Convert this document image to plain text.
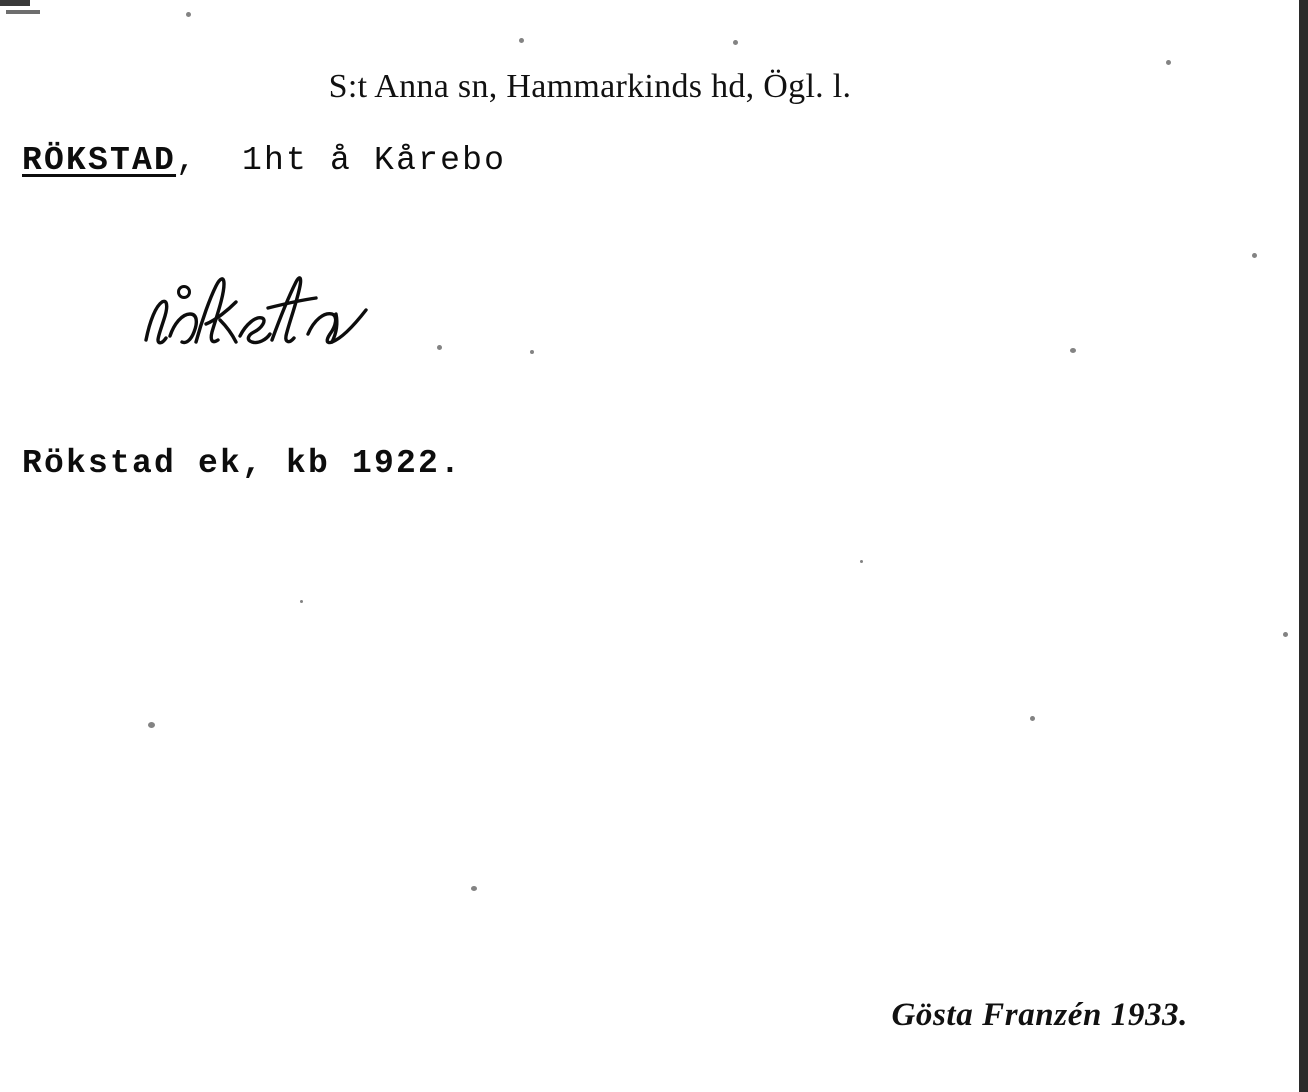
S:t Anna sn, Hammarkinds hd, Ögl. l.
RÖKSTAD,  1ht å Kårebo
Rökstad ek, kb 1922.
Gösta Franzén 1933.
